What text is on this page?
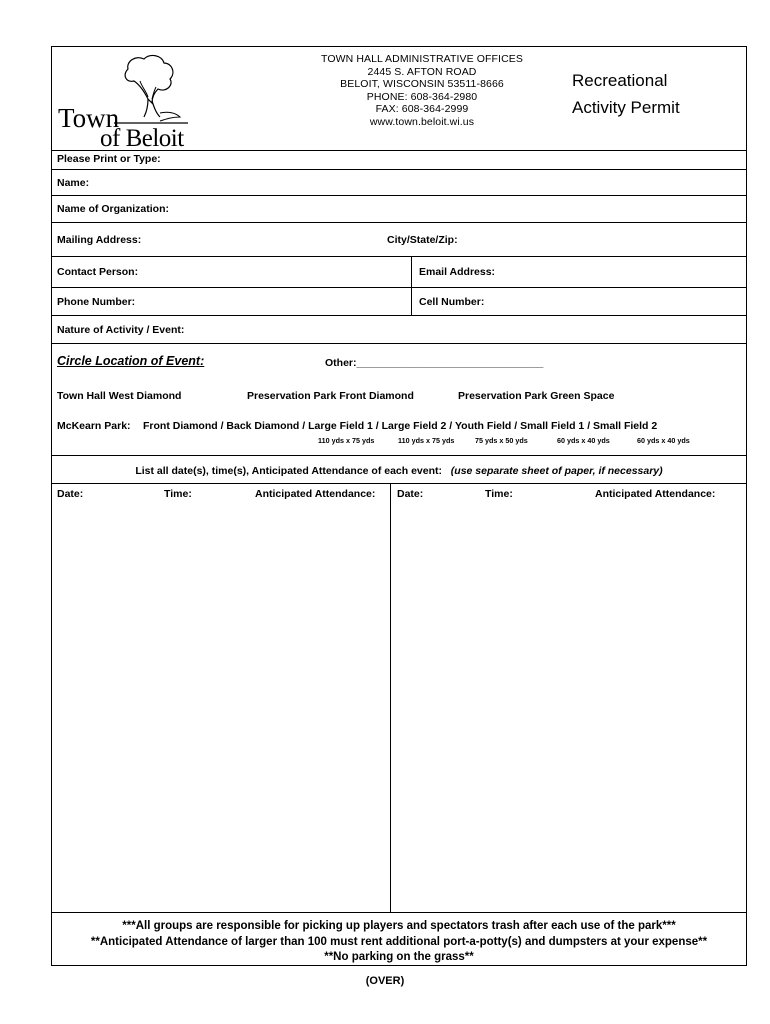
Town
of Beloit
TOWN HALL ADMINISTRATIVE OFFICES
2445 S. AFTON ROAD
BELOIT, WISCONSIN 53511-8666
PHONE: 608-364-2980
FAX: 608-364-2999
www.town.beloit.wi.us
Recreational
Activity Permit
Please Print or Type:
Name:
Name of Organization:
Mailing Address:	City/State/Zip:
Contact Person:	Email Address:
Phone Number:	Cell Number:
Nature of Activity / Event:
Circle Location of Event:	Other:________________________________
Town Hall West Diamond	Preservation Park Front Diamond	Preservation Park Green Space
McKearn Park: Front Diamond / Back Diamond / Large Field 1 / Large Field 2 / Youth Field / Small Field 1 / Small Field 2
110 yds x 75 yds	110 yds x 75 yds	75 yds x 50 yds	60 yds x 40 yds	60 yds x 40 yds
List all date(s), time(s), Anticipated Attendance of each event: (use separate sheet of paper, if necessary)
Date:	Time:	Anticipated Attendance: Date:	Time:	Anticipated Attendance:
***All groups are responsible for picking up players and spectators trash after each use of the park***
**Anticipated Attendance of larger than 100 must rent additional port-a-potty(s) and dumpsters at your expense**
**No parking on the grass**
(OVER)
